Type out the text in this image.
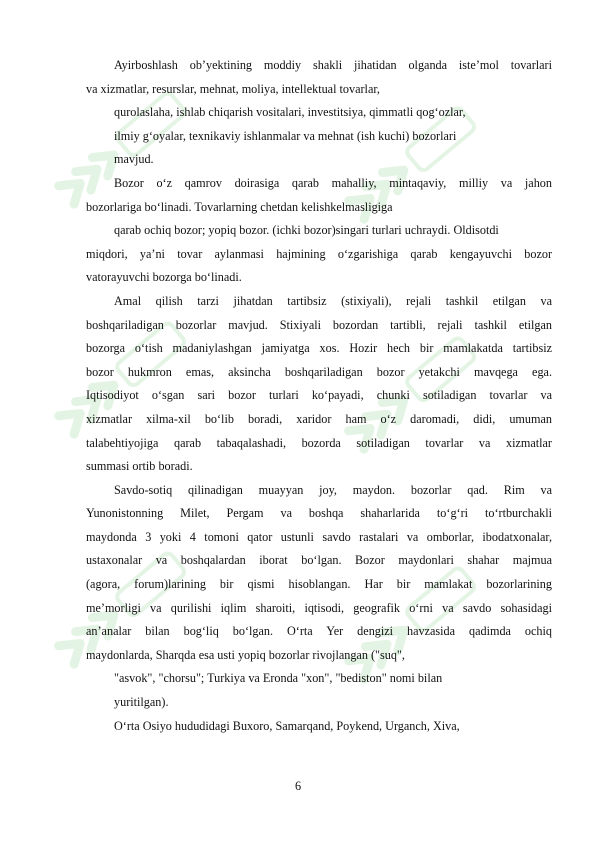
Ayirboshlash ob’yektining moddiy shakli jihatidan olganda iste’mol tovarlari
va xizmatlar, resurslar, mehnat, moliya, intellektual tovarlar,
qurolaslaha, ishlab chiqarish vositalari, investitsiya, qimmatli qog‘ozlar,
ilmiy g‘oyalar, texnikaviy ishlanmalar va mehnat (ish kuchi) bozorlari
mavjud.
Bozor o‘z qamrov doirasiga qarab mahalliy, mintaqaviy, milliy va jahon
bozorlariga bo‘linadi. Tovarlarning chetdan kelishkelmasligiga
qarab ochiq bozor; yopiq bozor. (ichki bozor)singari turlari uchraydi. Oldisotdi
miqdori, ya’ni tovar aylanmasi hajmining o‘zgarishiga qarab kengayuvchi bozor
vatorayuvchi bozorga bo‘linadi.
Amal qilish tarzi jihatdan tartibsiz (stixiyali), rejali tashkil etilgan va
boshqariladigan bozorlar mavjud. Stixiyali bozordan tartibli, rejali tashkil etilgan
bozorga o‘tish madaniylashgan jamiyatga xos. Hozir hech bir mamlakatda tartibsiz
bozor hukmron emas, aksincha boshqariladigan bozor yetakchi mavqega ega.
Iqtisodiyot o‘sgan sari bozor turlari ko‘payadi, chunki sotiladigan tovarlar va
xizmatlar xilma-xil bo‘lib boradi, xaridor ham o‘z daromadi, didi, umuman
talabehtiyojiga qarab tabaqalashadi, bozorda sotiladigan tovarlar va xizmatlar
summasi ortib boradi.
Savdo-sotiq qilinadigan muayyan joy, maydon. bozorlar qad. Rim va
Yunonistonning Milet, Pergam va boshqa shaharlarida to‘g‘ri to‘rtburchakli
maydonda 3 yoki 4 tomoni qator ustunli savdo rastalari va omborlar, ibodatxonalar,
ustaxonalar va boshqalardan iborat bo‘lgan. Bozor maydonlari shahar majmua
(agora, forum)larining bir qismi hisoblangan. Har bir mamlakat bozorlarining
me’morligi va qurilishi iqlim sharoiti, iqtisodi, geografik o‘rni va savdo sohasidagi
an’analar bilan bog‘liq bo‘lgan. O‘rta Yer dengizi havzasida qadimda ochiq
maydonlarda, Sharqda esa usti yopiq bozorlar rivojlangan ("suq",
"asvok", "chorsu"; Turkiya va Eronda "xon", "bediston" nomi bilan
yuritilgan).
O‘rta Osiyo hududidagi Buxoro, Samarqand, Poykend, Urganch, Xiva,
6
